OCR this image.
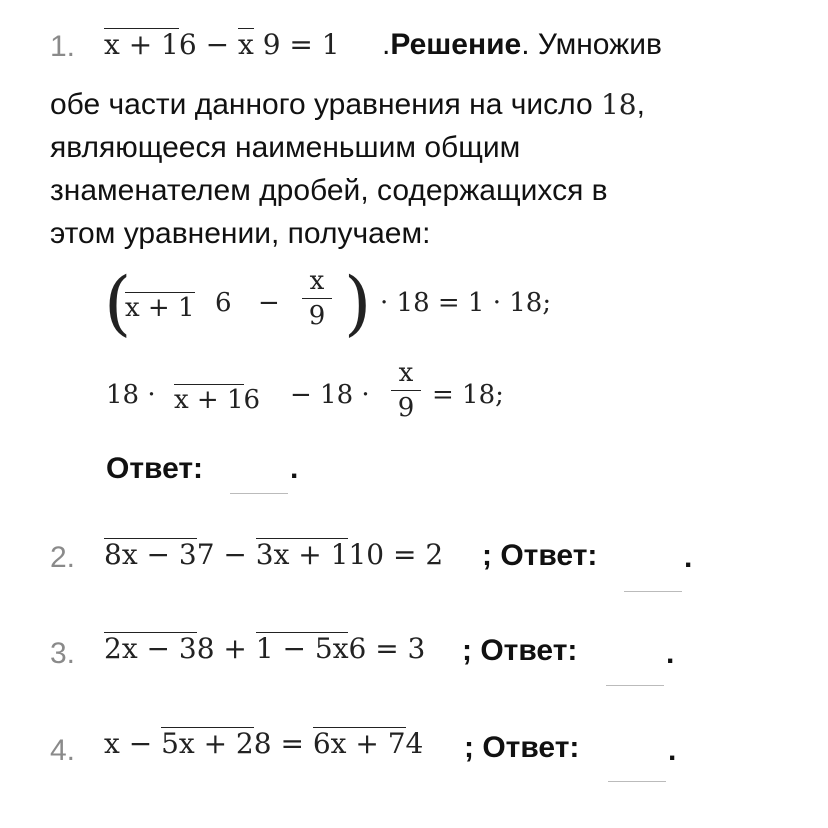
1. x + 16 − x 9 = 1 .Решение. Умножив
обе части данного уравнения на число 18,
являющееся наименьшим общим
знаменателем дробей, содержащихся в
этом уравнении, получаем:
(
x + 1 6 −
x
9 ) · 18 = 1 · 18;
18 · x + 16 − 18 ·
x
9 = 18;
Ответ:	.
2. 8x − 37 − 3x + 110 = 2 ; Ответ:	.
3. 2x − 38 + 1 − 5x6 = 3 ; Ответ:	.
4. x − 5x + 28 = 6x + 74 ; Ответ:	.
